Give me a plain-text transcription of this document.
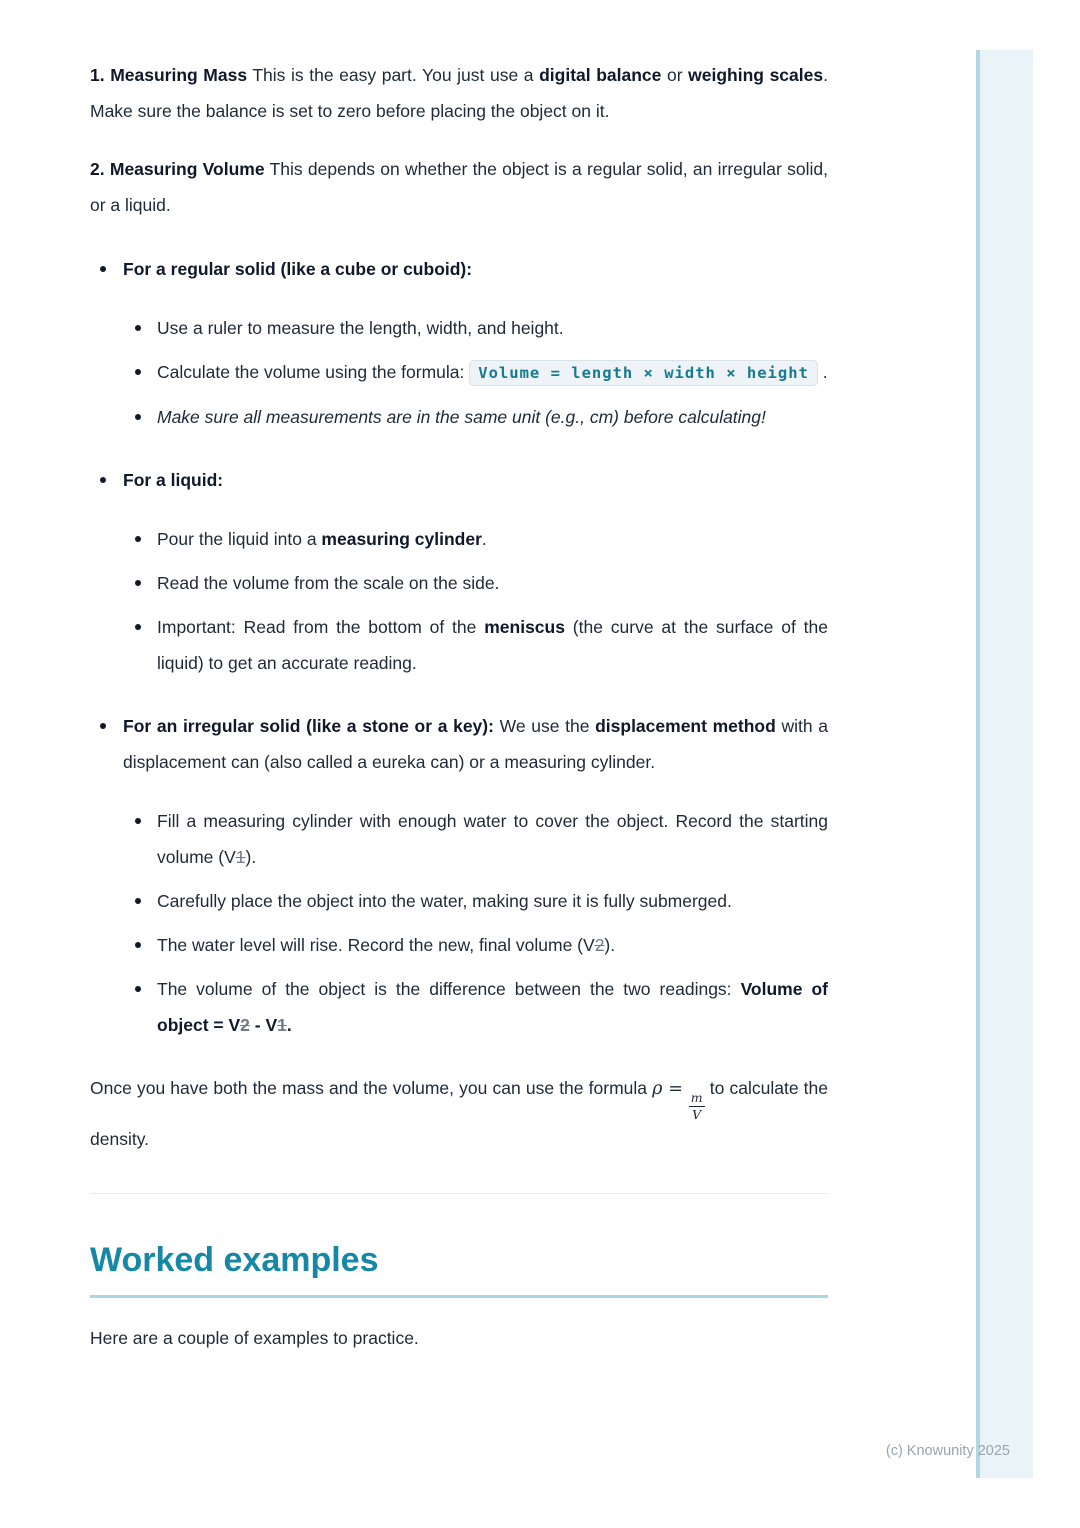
1. Measuring Mass This is the easy part. You just use a digital balance or weighing scales. Make sure the balance is set to zero before placing the object on it.

2. Measuring Volume This depends on whether the object is a regular solid, an irregular solid, or a liquid.

For a regular solid (like a cube or cuboid):
Use a ruler to measure the length, width, and height.
Calculate the volume using the formula: Volume = length × width × height .
Make sure all measurements are in the same unit (e.g., cm) before calculating!
For a liquid:
Pour the liquid into a measuring cylinder.
Read the volume from the scale on the side.
Important: Read from the bottom of the meniscus (the curve at the surface of the liquid) to get an accurate reading.
For an irregular solid (like a stone or a key): We use the displacement method with a displacement can (also called a eureka can) or a measuring cylinder.
Fill a measuring cylinder with enough water to cover the object. Record the starting volume (V1).
Carefully place the object into the water, making sure it is fully submerged.
The water level will rise. Record the new, final volume (V2).
The volume of the object is the difference between the two readings: Volume of object = V2 - V1.

Once you have both the mass and the volume, you can use the formula ρ =
$\frac{m}{V}$
to calculate the density.

Worked examples

Here are a couple of examples to practice.

(c) Knowunity 2025
